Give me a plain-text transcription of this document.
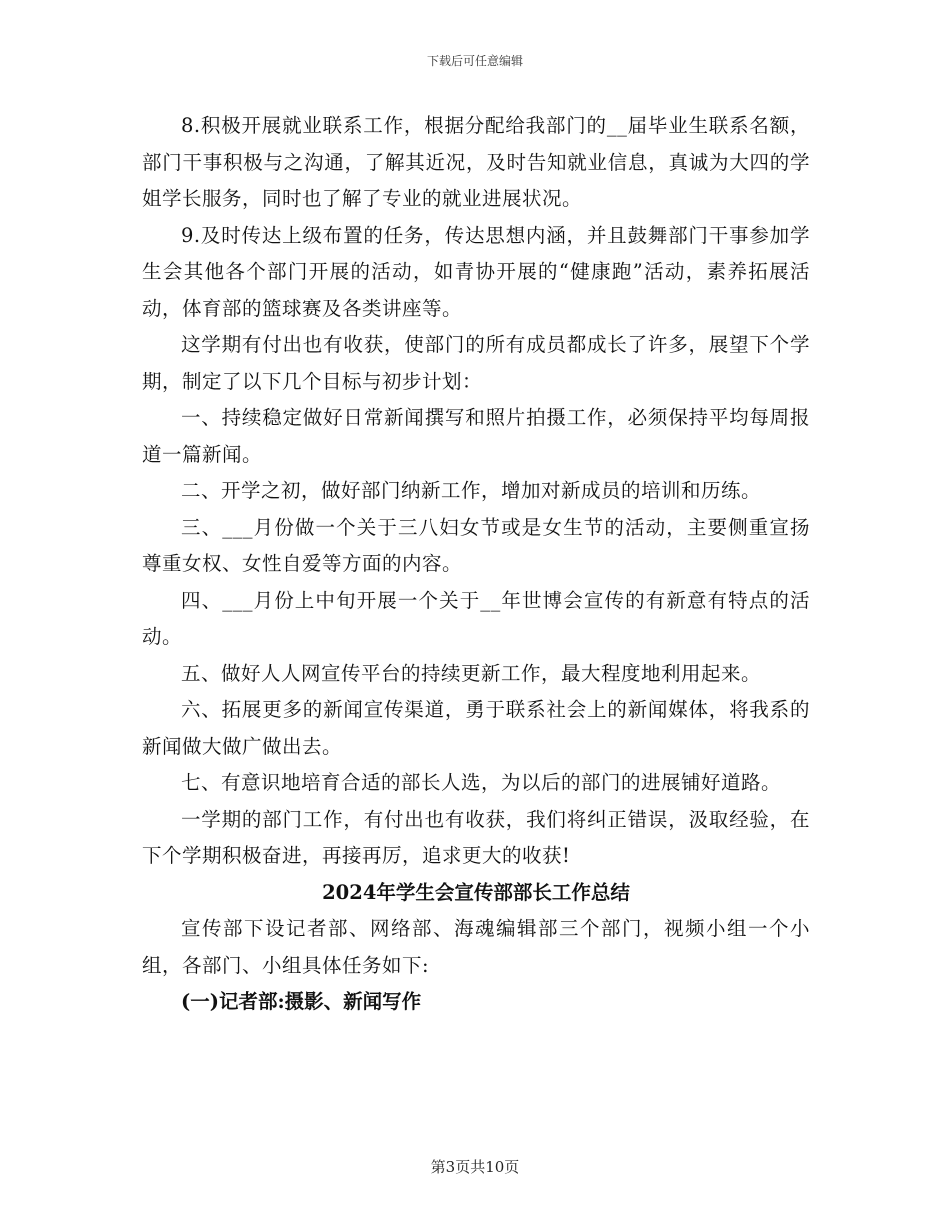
下载后可任意编辑

8.积极开展就业联系工作，根据分配给我部门的__届毕业生联系名额，部门干事积极与之沟通，了解其近况，及时告知就业信息，真诚为大四的学姐学长服务，同时也了解了专业的就业进展状况。

9.及时传达上级布置的任务，传达思想内涵，并且鼓舞部门干事参加学生会其他各个部门开展的活动，如青协开展的“健康跑”活动，素养拓展活动，体育部的篮球赛及各类讲座等。

这学期有付出也有收获，使部门的所有成员都成长了许多，展望下个学期，制定了以下几个目标与初步计划：

一、持续稳定做好日常新闻撰写和照片拍摄工作，必须保持平均每周报道一篇新闻。

二、开学之初，做好部门纳新工作，增加对新成员的培训和历练。

三、___月份做一个关于三八妇女节或是女生节的活动，主要侧重宣扬尊重女权、女性自爱等方面的内容。

四、___月份上中旬开展一个关于__年世博会宣传的有新意有特点的活动。

五、做好人人网宣传平台的持续更新工作，最大程度地利用起来。

六、拓展更多的新闻宣传渠道，勇于联系社会上的新闻媒体，将我系的新闻做大做广做出去。

七、有意识地培育合适的部长人选，为以后的部门的进展铺好道路。

一学期的部门工作，有付出也有收获，我们将纠正错误，汲取经验，在下个学期积极奋进，再接再厉，追求更大的收获!

2024年学生会宣传部部长工作总结

宣传部下设记者部、网络部、海魂编辑部三个部门，视频小组一个小组，各部门、小组具体任务如下:

(一)记者部:摄影、新闻写作

第3页共10页
